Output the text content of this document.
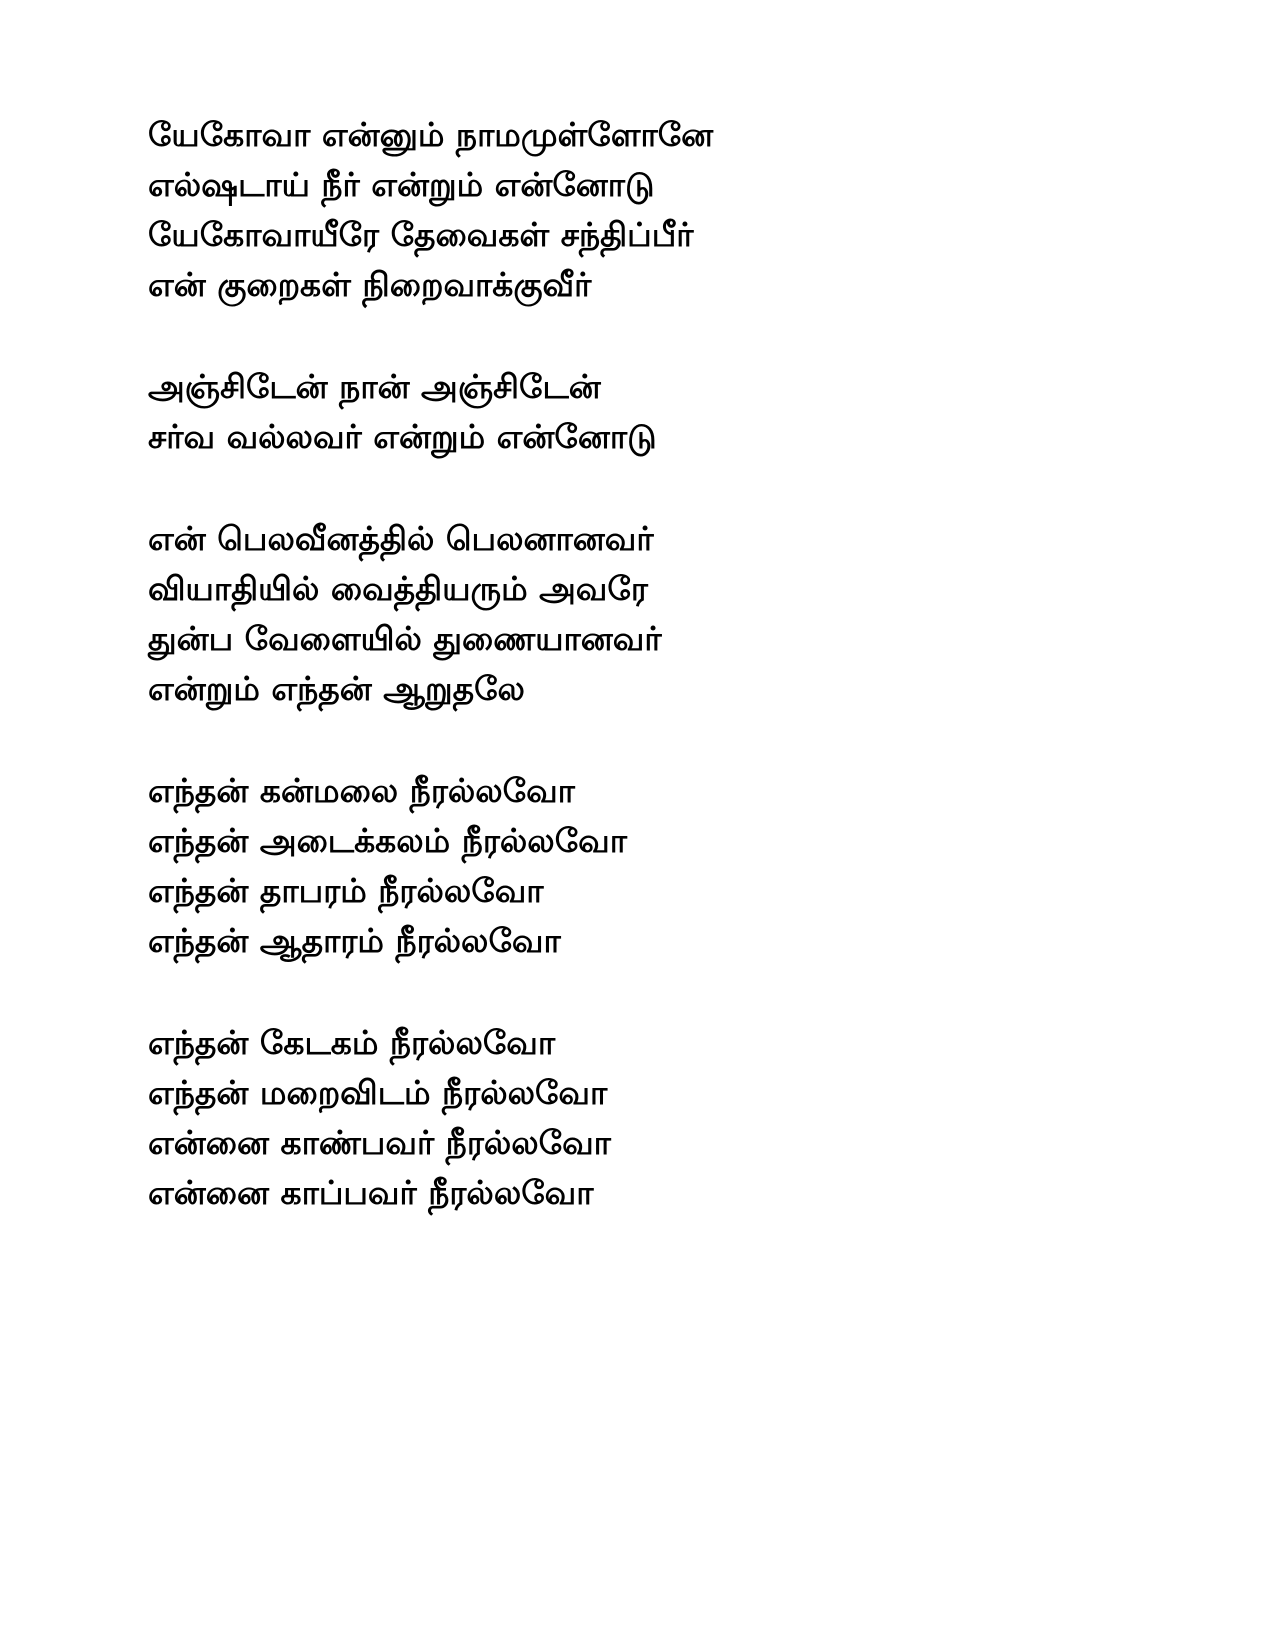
யேகோவா என்னும் நாமமுள்ளோனே
எல்ஷடாய் நீர் என்றும் என்னோடு
யேகோவாயீரே தேவைகள் சந்திப்பீர்
என் குறைகள் நிறைவாக்குவீர்
அஞ்சிடேன் நான் அஞ்சிடேன்
சர்வ வல்லவர் என்றும் என்னோடு
என் பெலவீனத்தில் பெலனானவர்
வியாதியில் வைத்தியரும் அவரே
துன்ப வேளையில் துணையானவர்
என்றும் எந்தன் ஆறுதலே
எந்தன் கன்மலை நீரல்லவோ
எந்தன் அடைக்கலம் நீரல்லவோ
எந்தன் தாபரம் நீரல்லவோ
எந்தன் ஆதாரம் நீரல்லவோ
எந்தன் கேடகம் நீரல்லவோ
எந்தன் மறைவிடம் நீரல்லவோ
என்னை காண்பவர் நீரல்லவோ
என்னை காப்பவர் நீரல்லவோ
